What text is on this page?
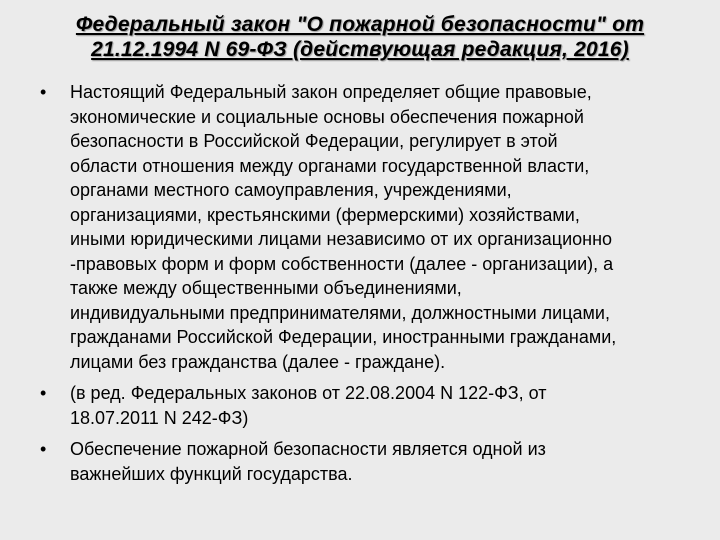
Федеральный закон "О пожарной безопасности" от
21.12.1994 N 69-ФЗ (действующая редакция, 2016)
• Настоящий Федеральный закон определяет общие правовые,
экономические и социальные основы обеспечения пожарной
безопасности в Российской Федерации, регулирует в этой
области отношения между органами государственной власти,
органами местного самоуправления, учреждениями,
организациями, крестьянскими (фермерскими) хозяйствами,
иными юридическими лицами независимо от их организационно
-правовых форм и форм собственности (далее - организации), а
также между общественными объединениями,
индивидуальными предпринимателями, должностными лицами,
гражданами Российской Федерации, иностранными гражданами,
лицами без гражданства (далее - граждане).
• (в ред. Федеральных законов от 22.08.2004 N 122-ФЗ, от
18.07.2011 N 242-ФЗ)
• Обеспечение пожарной безопасности является одной из
важнейших функций государства.
